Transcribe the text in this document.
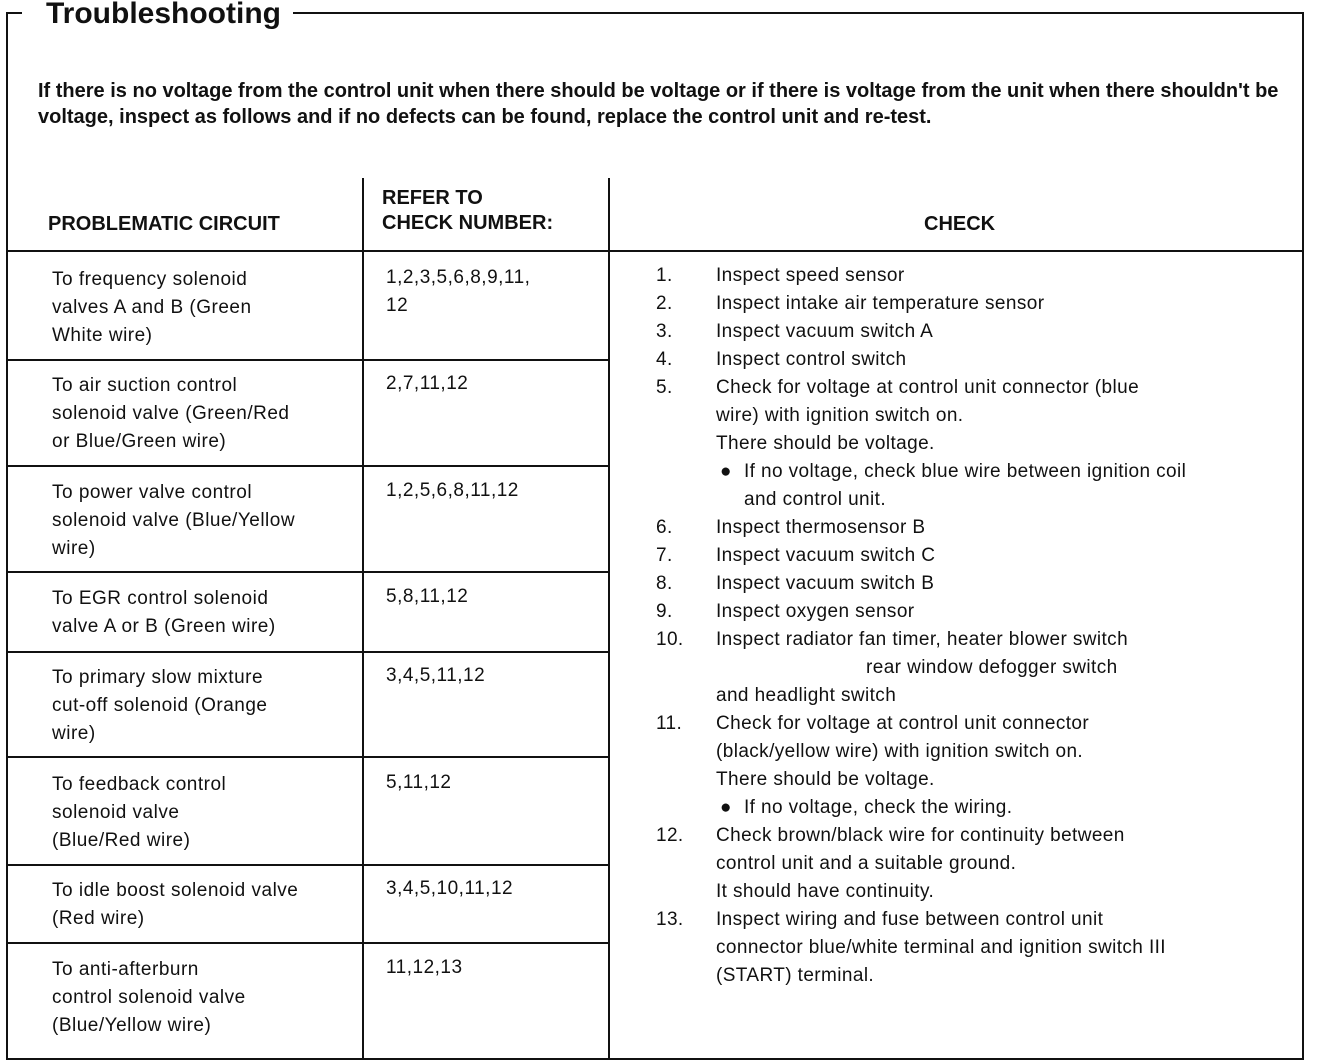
Troubleshooting
If there is no voltage from the control unit when there should be voltage or if there is voltage from the unit when there shouldn't be voltage, inspect as follows and if no defects can be found, replace the control unit and re-test.
PROBLEMATIC CIRCUIT
REFER TO
CHECK NUMBER:	CHECK
To frequency solenoid
valves A and B (Green
White wire)
1,2,3,5,6,8,9,11,
12
To air suction control
solenoid valve (Green/Red
or Blue/Green wire)
2,7,11,12
To power valve control
solenoid valve (Blue/Yellow
wire)
1,2,5,6,8,11,12
To EGR control solenoid
valve A or B (Green wire)
5,8,11,12
To primary slow mixture
cut-off solenoid (Orange
wire)
3,4,5,11,12
To feedback control
solenoid valve
(Blue/Red wire)
5,11,12
To idle boost solenoid valve
(Red wire)
3,4,5,10,11,12
To anti-afterburn
control solenoid valve
(Blue/Yellow wire)
11,12,13
1. Inspect speed sensor
2. Inspect intake air temperature sensor
3. Inspect vacuum switch A
4. Inspect control switch
5. Check for voltage at control unit connector (blue
wire) with ignition switch on.
There should be voltage.
● If no voltage, check blue wire between ignition coil
and control unit.
6. Inspect thermosensor B
7. Inspect vacuum switch C
8. Inspect vacuum switch B
9. Inspect oxygen sensor
10. Inspect radiator fan timer, heater blower switch
rear window defogger switch
and headlight switch
11. Check for voltage at control unit connector
(black/yellow wire) with ignition switch on.
There should be voltage.
● If no voltage, check the wiring.
12. Check brown/black wire for continuity between
control unit and a suitable ground.
It should have continuity.
13. Inspect wiring and fuse between control unit
connector blue/white terminal and ignition switch III
(START) terminal.
